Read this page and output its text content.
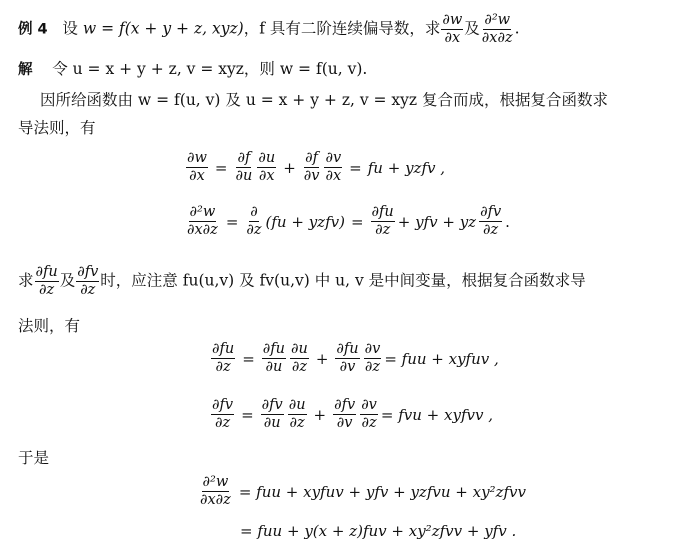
例 4 设 w = f(x + y + z, xyz)，f 具有二阶连续偏导数，求 $\frac{\partial w}{\partial x}$ 及 $\frac{\text{∂²w}}{\partial x\partial z}$ .
解 令 u = x + y + z, v = xyz，则 w = f(u, v).
因所给函数由 w = f(u, v) 及 u = x + y + z, v = xyz 复合而成，根据复合函数求
导法则，有
$\frac{\partial w}{\partial x} = \frac{\partial f}{\partial u} \frac{\partial u}{\partial x} + \frac{\partial f}{\partial v} \frac{\partial v}{\partial x}$ = fu + yzfv ,
$\frac{\text{∂²w}}{\partial x\partial z} = \frac{\partial}{\partial z} (fu$ + yzfv) = $\frac{\partial fu}{\partial z}$ + yfv + yz $\frac{\partial fv}{\partial z}$ .
求 $\frac{\partial fu}{\partial z}$ 及 $\frac{\partial fv}{\partial z}$ 时，应注意 fu(u,v) 及 fv(u,v) 中 u, v 是中间变量，根据复合函数求导
法则，有
$\frac{\partial fu}{\partial z} = \frac{\partial fu}{\partial u} \frac{\partial u}{\partial z} + \frac{\partial fu}{\partial v} \frac{\partial v}{\partial z}$ = fuu + xyfuv ,
$\frac{\partial fv}{\partial z} = \frac{\partial fv}{\partial u} \frac{\partial u}{\partial z} + \frac{\partial fv}{\partial v} \frac{\partial v}{\partial z}$ = fvu + xyfvv ,
于是
$\frac{\text{∂²w}}{\partial x\partial z}$ = fuu + xyfuv + yfv + yzfvu + xy²zfvv
= fuu + y(x + z)fuv + xy²zfvv + yfv .
